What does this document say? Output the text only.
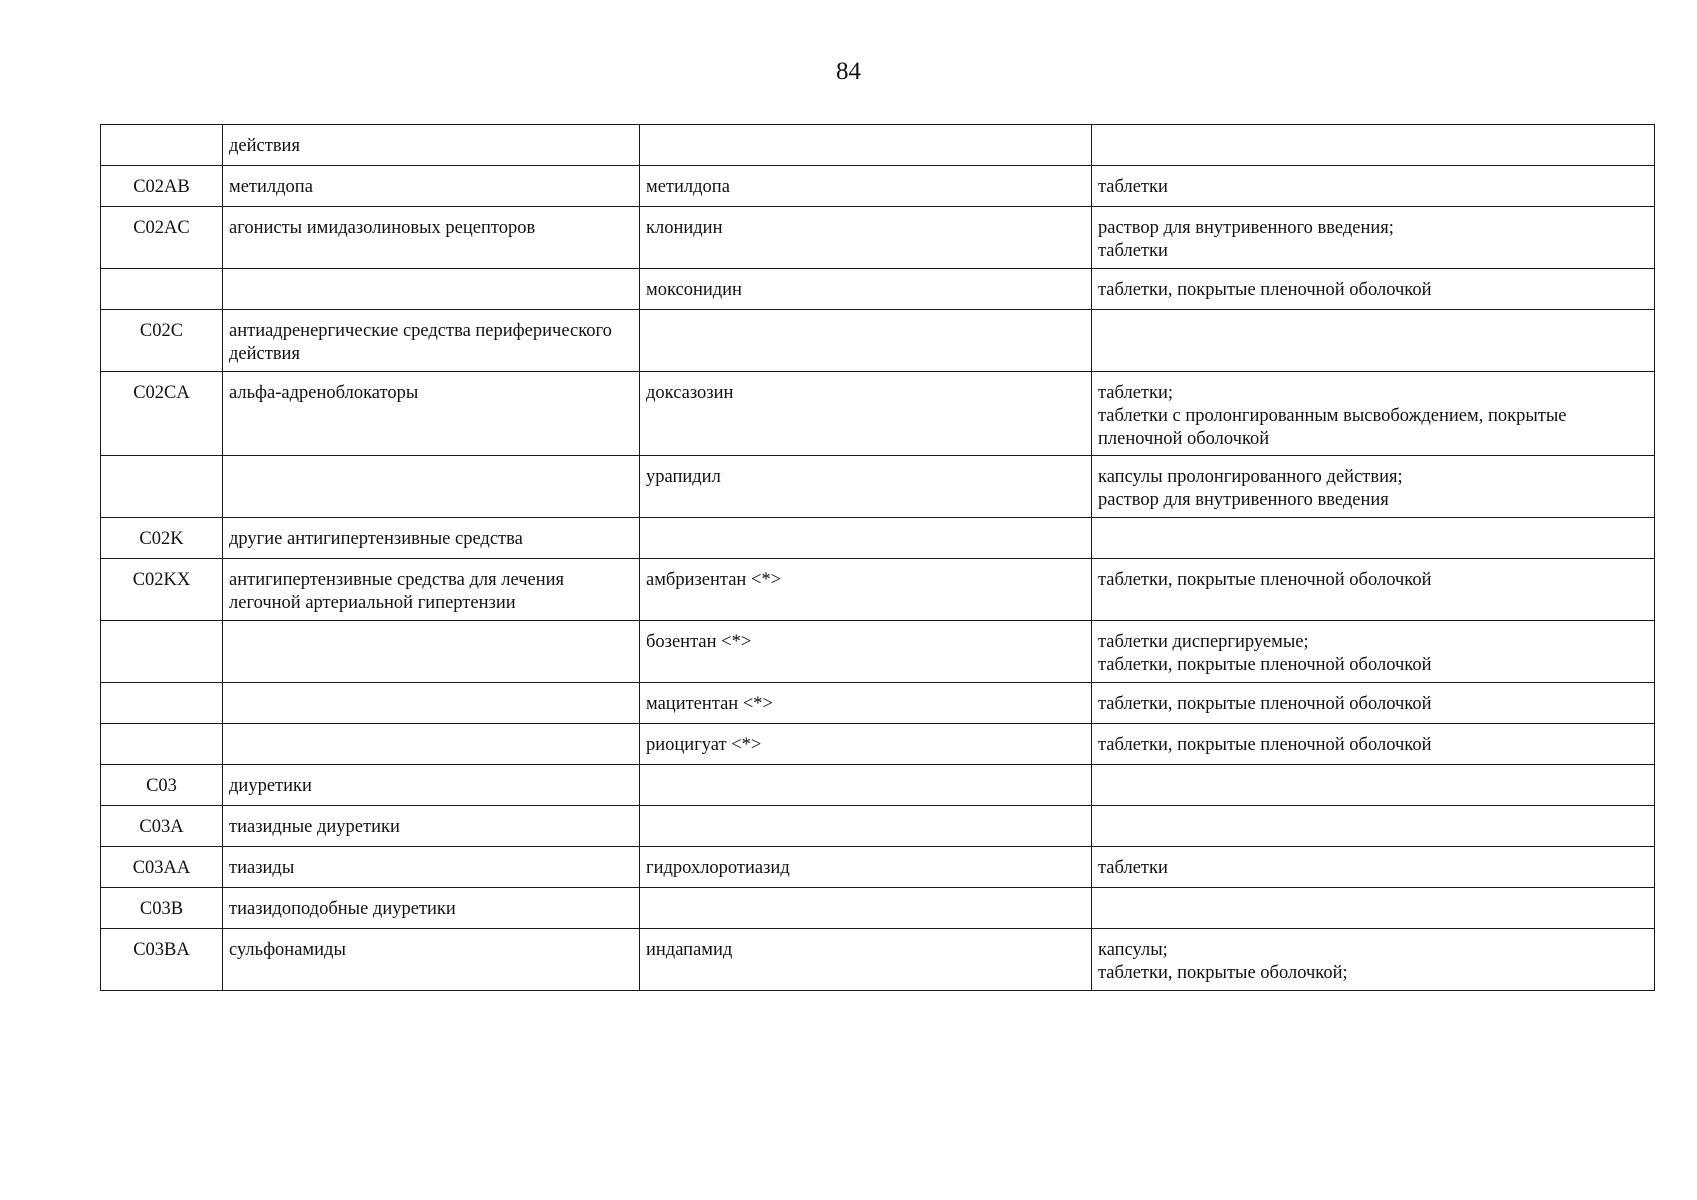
84
	действия		
C02AB	метилдопа	метилдопа	таблетки

C02AC	агонисты имидазолиновых рецепторов	клонидин	раствор для внутривенного введения;
таблетки

		моксонидин	таблетки, покрытые пленочной оболочкой

C02C	антиадренергические средства периферического действия		
C02CA	альфа-адреноблокаторы	доксазозин	таблетки;
таблетки с пролонгированным высвобождением, покрытые пленочной оболочкой

		урапидил	капсулы пролонгированного действия;
раствор для внутривенного введения

C02K	другие антигипертензивные средства		
C02KX	антигипертензивные средства для лечения легочной артериальной гипертензии	амбризентан <*>	таблетки, покрытые пленочной оболочкой

		бозентан <*>	таблетки диспергируемые;
таблетки, покрытые пленочной оболочкой

		мацитентан <*>	таблетки, покрытые пленочной оболочкой

		риоцигуат <*>	таблетки, покрытые пленочной оболочкой

C03	диуретики		
C03A	тиазидные диуретики		
C03AA	тиазиды	гидрохлоротиазид	таблетки

C03B	тиазидоподобные диуретики		
C03BA	сульфонамиды	индапамид	капсулы;
таблетки, покрытые оболочкой;
